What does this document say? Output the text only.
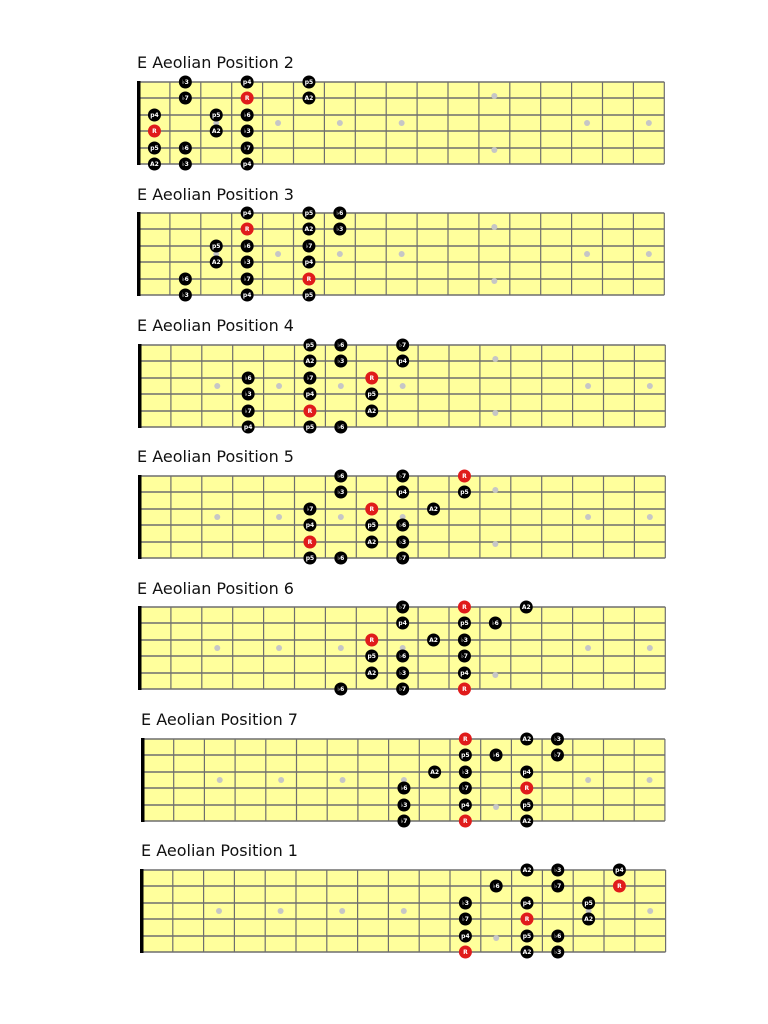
E Aeolian Position 2
♭3	p4	p5
♭7	R	A2
p4	p5	♭6
R	A2	♭3
p5	♭6	♭7
A2	♭3	p4
E Aeolian Position 3
p4	p5	♭6
R	A2	♭3
p5	♭6	♭7
A2	♭3	p4
♭6	♭7	R
♭3	p4	p5
E Aeolian Position 4
p5	♭6	♭7
A2	♭3	p4
♭6	♭7	R
♭3	p4	p5
♭7	R	A2
p4	p5	♭6
E Aeolian Position 5
♭6	♭7	R
♭3	p4	p5
♭7	R	A2
p4	p5	♭6
R	A2	♭3
p5	♭6	♭7
E Aeolian Position 6
♭7	R	A2
p4	p5	♭6
R	A2	♭3
p5	♭6	♭7
A2	♭3	p4
♭6	♭7	R
E Aeolian Position 7
R	A2	♭3
p5	♭6	♭7
A2	♭3	p4
♭6	♭7	R
♭3	p4	p5
♭7	R	A2
E Aeolian Position 1
A2	♭3	p4
♭6	♭7	R
♭3	p4	p5
♭7	R	A2
p4	p5	♭6
R	A2	♭3
